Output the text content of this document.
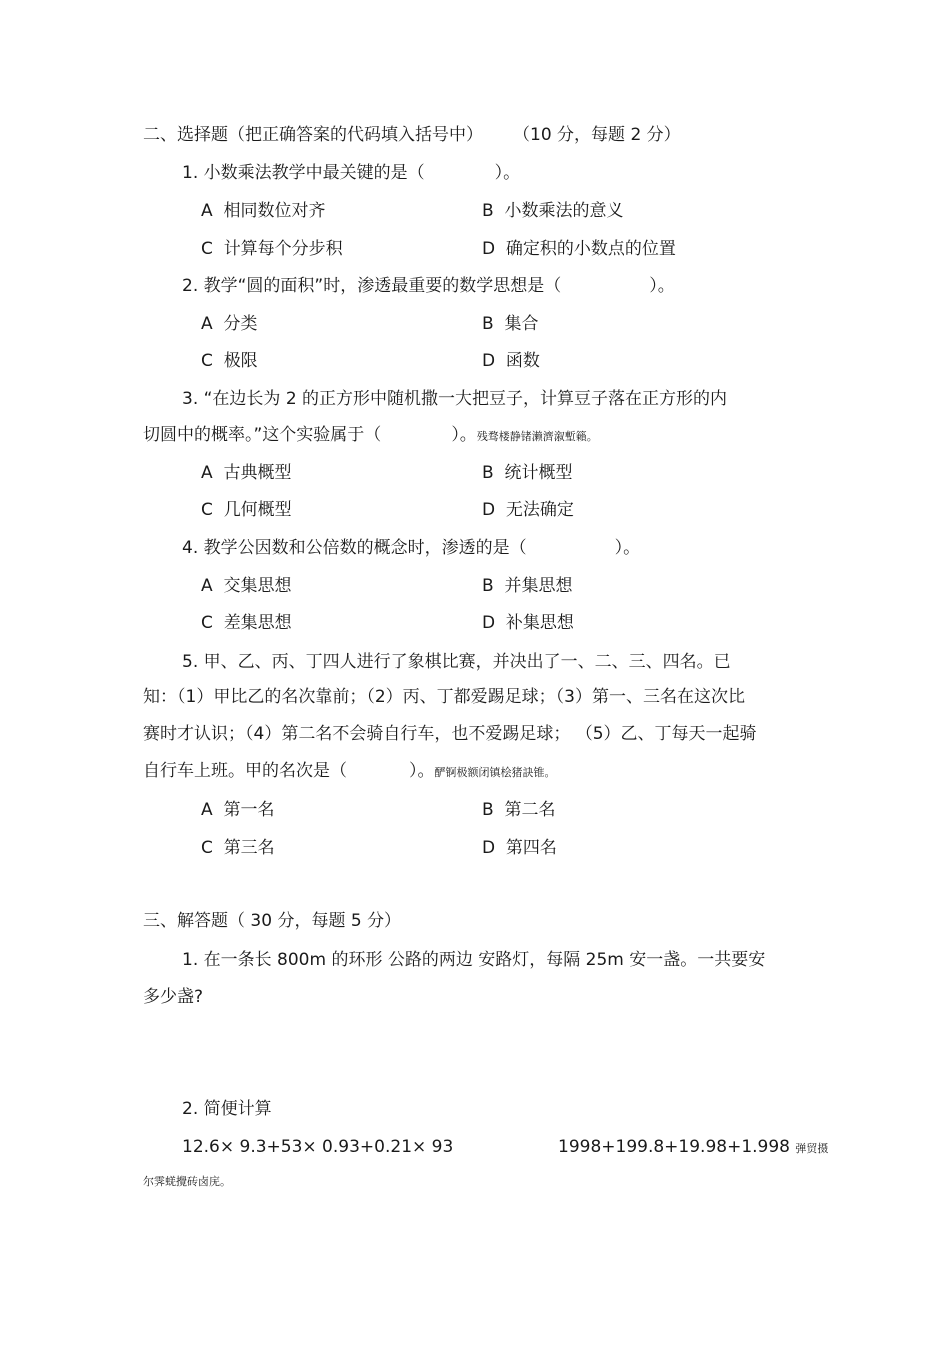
二、选择题（把正确答案的代码填入括号中） （10 分，每题 2 分）
1. 小数乘法教学中最关键的是（	）。
A 相同数位对齐	B 小数乘法的意义
C 计算每个分步积	D 确定积的小数点的位置
2. 教学“圆的面积”时，渗透最重要的数学思想是（	）。
A 分类	B 集合
C 极限	D 函数
3. “在边长为 2 的正方形中随机撒一大把豆子，计算豆子落在正方形的内
切圆中的概率。”这个实验属于（	）。残骛楼静锗濑濟溆塹籟。
A 古典概型	B 统计概型
C 几何概型	D 无法确定
4. 教学公因数和公倍数的概念时，渗透的是（	）。
A 交集思想	B 并集思想
C 差集思想	D 补集思想
5. 甲、乙、丙、丁四人进行了象棋比赛，并决出了一、二、三、四名。已
知：（1）甲比乙的名次靠前；（2）丙、丁都爱踢足球；（3）第一、三名在这次比
赛时才认识；（4）第二名不会骑自行车，也不爱踢足球； （5）乙、丁每天一起骑
自行车上班。甲的名次是（	）。酽锕极额闭镇桧猪訣锥。
A 第一名	B 第二名
C 第三名	D 第四名
三、解答题（ 30 分，每题 5 分）
1. 在一条长 800m 的环形 公路的两边 安路灯，每隔 25m 安一盏。一共要安
多少盏?
2. 简便计算
12.6× 9.3+53× 0.93+0.21× 93	1998+199.8+19.98+1.998 弹贸摄
尔霁蜣攪砖卤庑。
